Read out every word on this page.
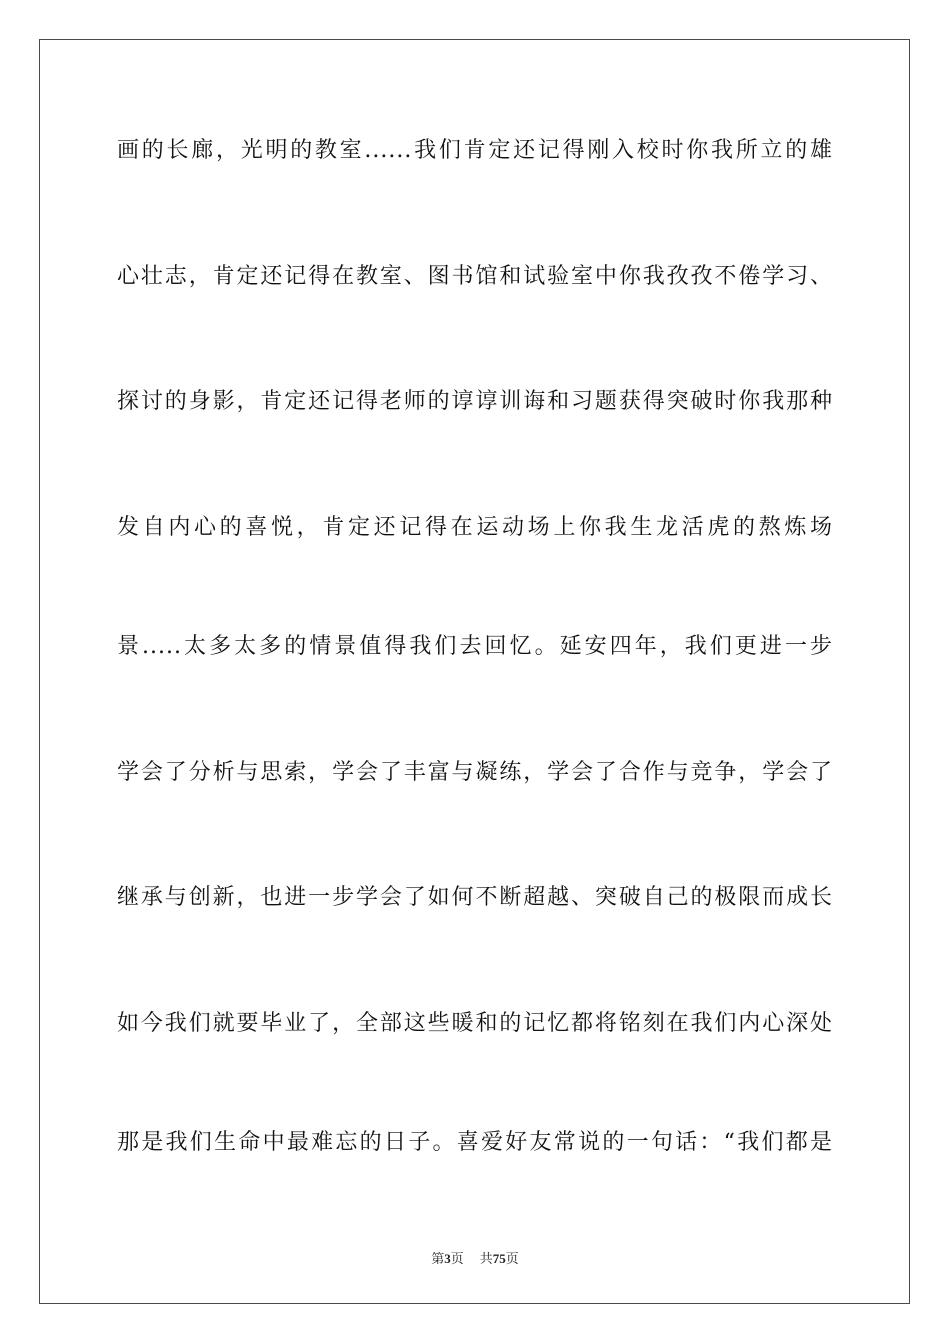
画的长廊，光明的教室......我们肯定还记得刚入校时你我所立的雄
心壮志，肯定还记得在教室、图书馆和试验室中你我孜孜不倦学习、
探讨的身影，肯定还记得老师的谆谆训诲和习题获得突破时你我那种
发自内心的喜悦，肯定还记得在运动场上你我生龙活虎的熬炼场
景.....太多太多的情景值得我们去回忆。延安四年，我们更进一步
学会了分析与思索，学会了丰富与凝练，学会了合作与竞争，学会了
继承与创新，也进一步学会了如何不断超越、突破自己的极限而成长
如今我们就要毕业了，全部这些暖和的记忆都将铭刻在我们内心深处
那是我们生命中最难忘的日子。喜爱好友常说的一句话：“我们都是
第3页 共75页
